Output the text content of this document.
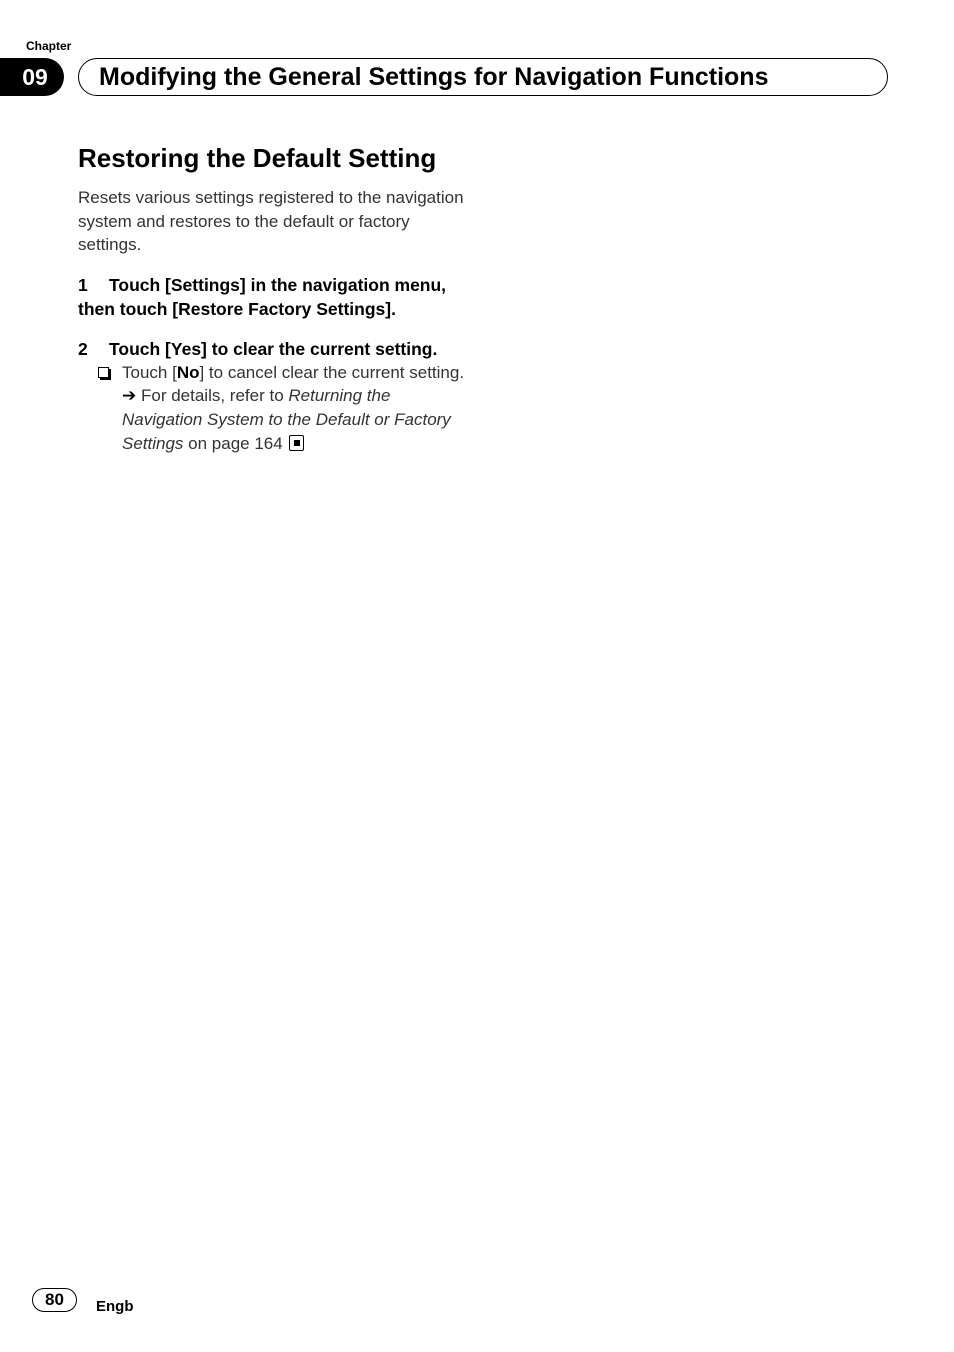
Chapter
09	Modifying the General Settings for Navigation Functions
Restoring the Default Setting

Resets various settings registered to the navigation system and restores to the default or factory settings.

1 Touch [Settings] in the navigation menu, then touch [Restore Factory Settings].

2 Touch [Yes] to clear the current setting.

Touch [No] to cancel clear the current setting.
➔ For details, refer to Returning the Navigation System to the Default or Factory Settings on page 164

80	Engb
